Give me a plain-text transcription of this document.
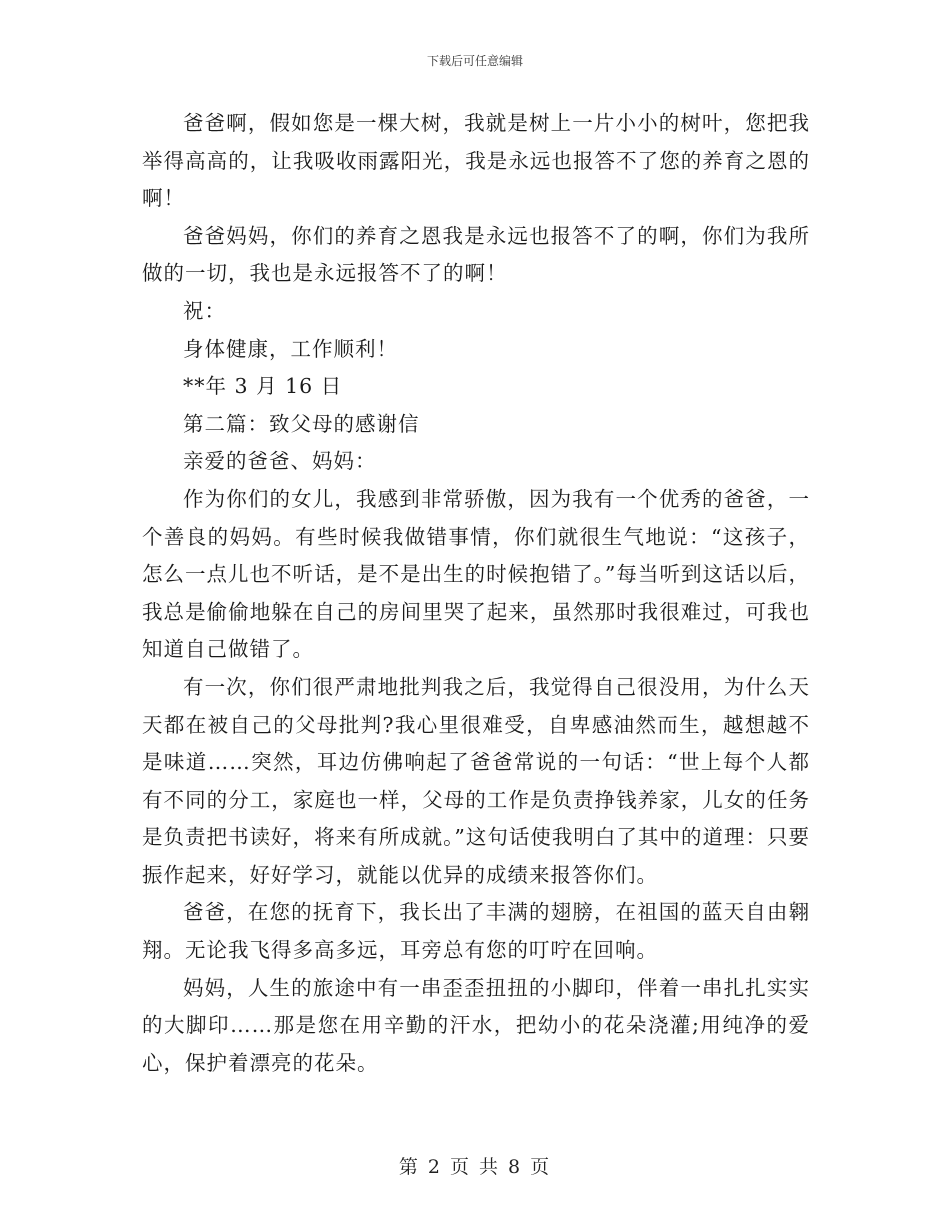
下载后可任意编辑

爸爸啊，假如您是一棵大树，我就是树上一片小小的树叶，您把我举得高高的，让我吸收雨露阳光，我是永远也报答不了您的养育之恩的啊！

爸爸妈妈，你们的养育之恩我是永远也报答不了的啊，你们为我所做的一切，我也是永远报答不了的啊！

祝：

身体健康，工作顺利！

**年 3 月 16 日

第二篇：致父母的感谢信

亲爱的爸爸、妈妈：

作为你们的女儿，我感到非常骄傲，因为我有一个优秀的爸爸，一个善良的妈妈。有些时候我做错事情，你们就很生气地说：“这孩子，怎么一点儿也不听话，是不是出生的时候抱错了。”每当听到这话以后，我总是偷偷地躲在自己的房间里哭了起来，虽然那时我很难过，可我也知道自己做错了。

有一次，你们很严肃地批判我之后，我觉得自己很没用，为什么天天都在被自己的父母批判?我心里很难受，自卑感油然而生，越想越不是味道……突然，耳边仿佛响起了爸爸常说的一句话：“世上每个人都有不同的分工，家庭也一样，父母的工作是负责挣钱养家，儿女的任务是负责把书读好，将来有所成就。”这句话使我明白了其中的道理：只要振作起来，好好学习，就能以优异的成绩来报答你们。

爸爸，在您的抚育下，我长出了丰满的翅膀，在祖国的蓝天自由翱翔。无论我飞得多高多远，耳旁总有您的叮咛在回响。

妈妈，人生的旅途中有一串歪歪扭扭的小脚印，伴着一串扎扎实实的大脚印……那是您在用辛勤的汗水，把幼小的花朵浇灌;用纯净的爱心，保护着漂亮的花朵。

第 2 页 共 8 页
